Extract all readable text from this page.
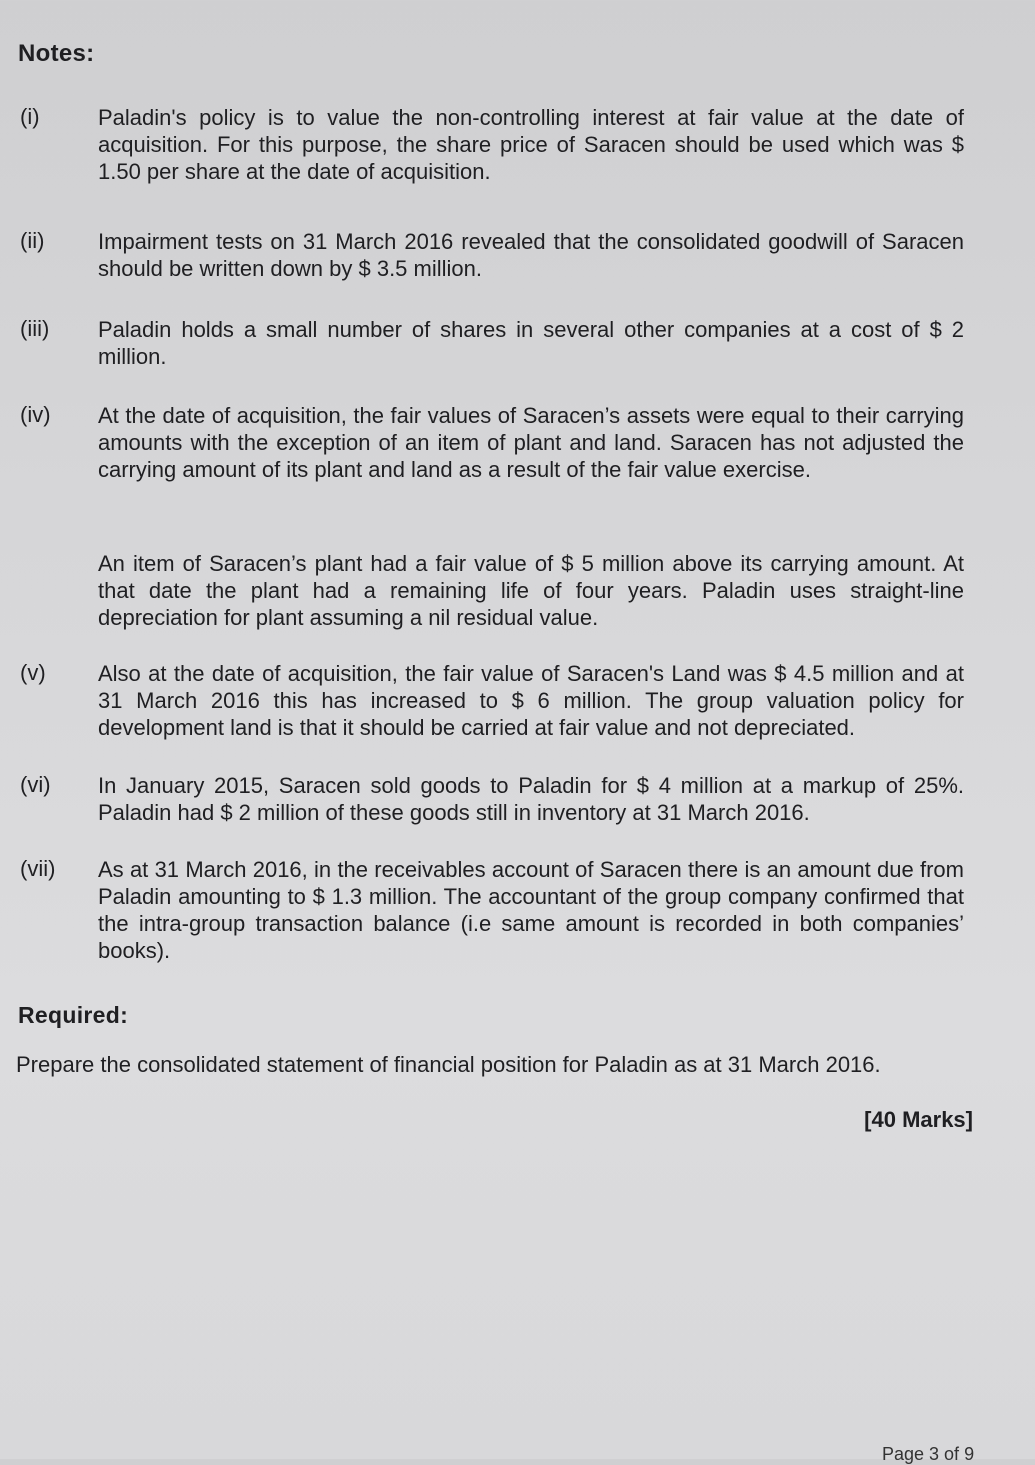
Notes:
(i)	Paladin's policy is to value the non-controlling interest at fair value at the date of acquisition. For this purpose, the share price of Saracen should be used which was $ 1.50 per share at the date of acquisition.

(ii) Impairment tests on 31 March 2016 revealed that the consolidated goodwill of Saracen should be written down by $ 3.5 million.

(iii) Paladin holds a small number of shares in several other companies at a cost of $ 2 million.

(iv) At the date of acquisition, the fair values of Saracen’s assets were equal to their carrying amounts with the exception of an item of plant and land. Saracen has not adjusted the carrying amount of its plant and land as a result of the fair value exercise.

An item of Saracen’s plant had a fair value of $ 5 million above its carrying amount. At that date the plant had a remaining life of four years. Paladin uses straight-line depreciation for plant assuming a nil residual value.

(v) Also at the date of acquisition, the fair value of Saracen's Land was $ 4.5 million and at 31 March 2016 this has increased to $ 6 million. The group valuation policy for development land is that it should be carried at fair value and not depreciated.

(vi) In January 2015, Saracen sold goods to Paladin for $ 4 million at a markup of 25%. Paladin had $ 2 million of these goods still in inventory at 31 March 2016.

(vii) As at 31 March 2016, in the receivables account of Saracen there is an amount due from Paladin amounting to $ 1.3 million. The accountant of the group company confirmed that the intra-group transaction balance (i.e same amount is recorded in both companies’ books).

Required:
Prepare the consolidated statement of financial position for Paladin as at 31 March 2016.
[40 Marks]
Page 3 of 9
